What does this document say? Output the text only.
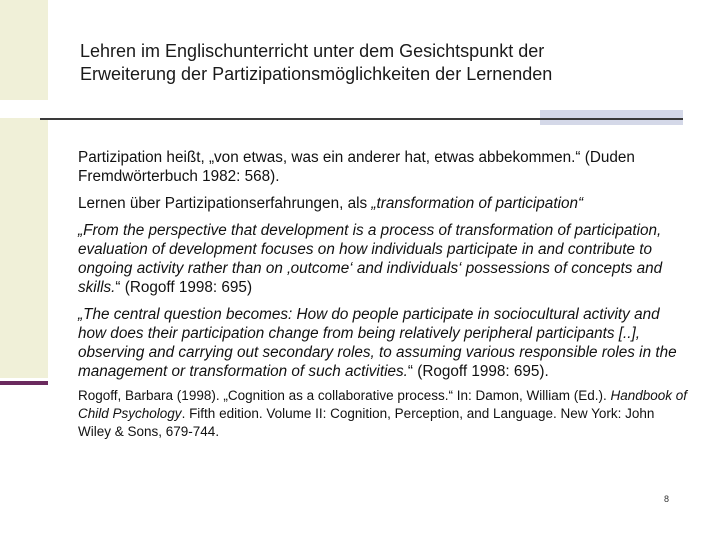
Lehren im Englischunterricht unter dem Gesichtspunkt der
Erweiterung der Partizipationsmöglichkeiten der Lernenden

Partizipation heißt, „von etwas, was ein anderer hat, etwas abbekommen.“ (Duden Fremdwörterbuch 1982: 568).

Lernen über Partizipationserfahrungen, als „transformation of participation“

„From the perspective that development is a process of transformation of participation, evaluation of development focuses on how individuals participate in and contribute to ongoing activity rather than on ‚outcome‘ and individuals‘ possessions of concepts and skills.“ (Rogoff 1998: 695)

„The central question becomes: How do people participate in sociocultural activity and how does their participation change from being relatively peripheral participants [..], observing and carrying out secondary roles, to assuming various responsible roles in the management or transformation of such activities.“ (Rogoff 1998: 695).

Rogoff, Barbara (1998). „Cognition as a collaborative process.“ In: Damon, William (Ed.). Handbook of Child Psychology. Fifth edition. Volume II: Cognition, Perception, and Language. New York: John Wiley & Sons, 679-744.

8
